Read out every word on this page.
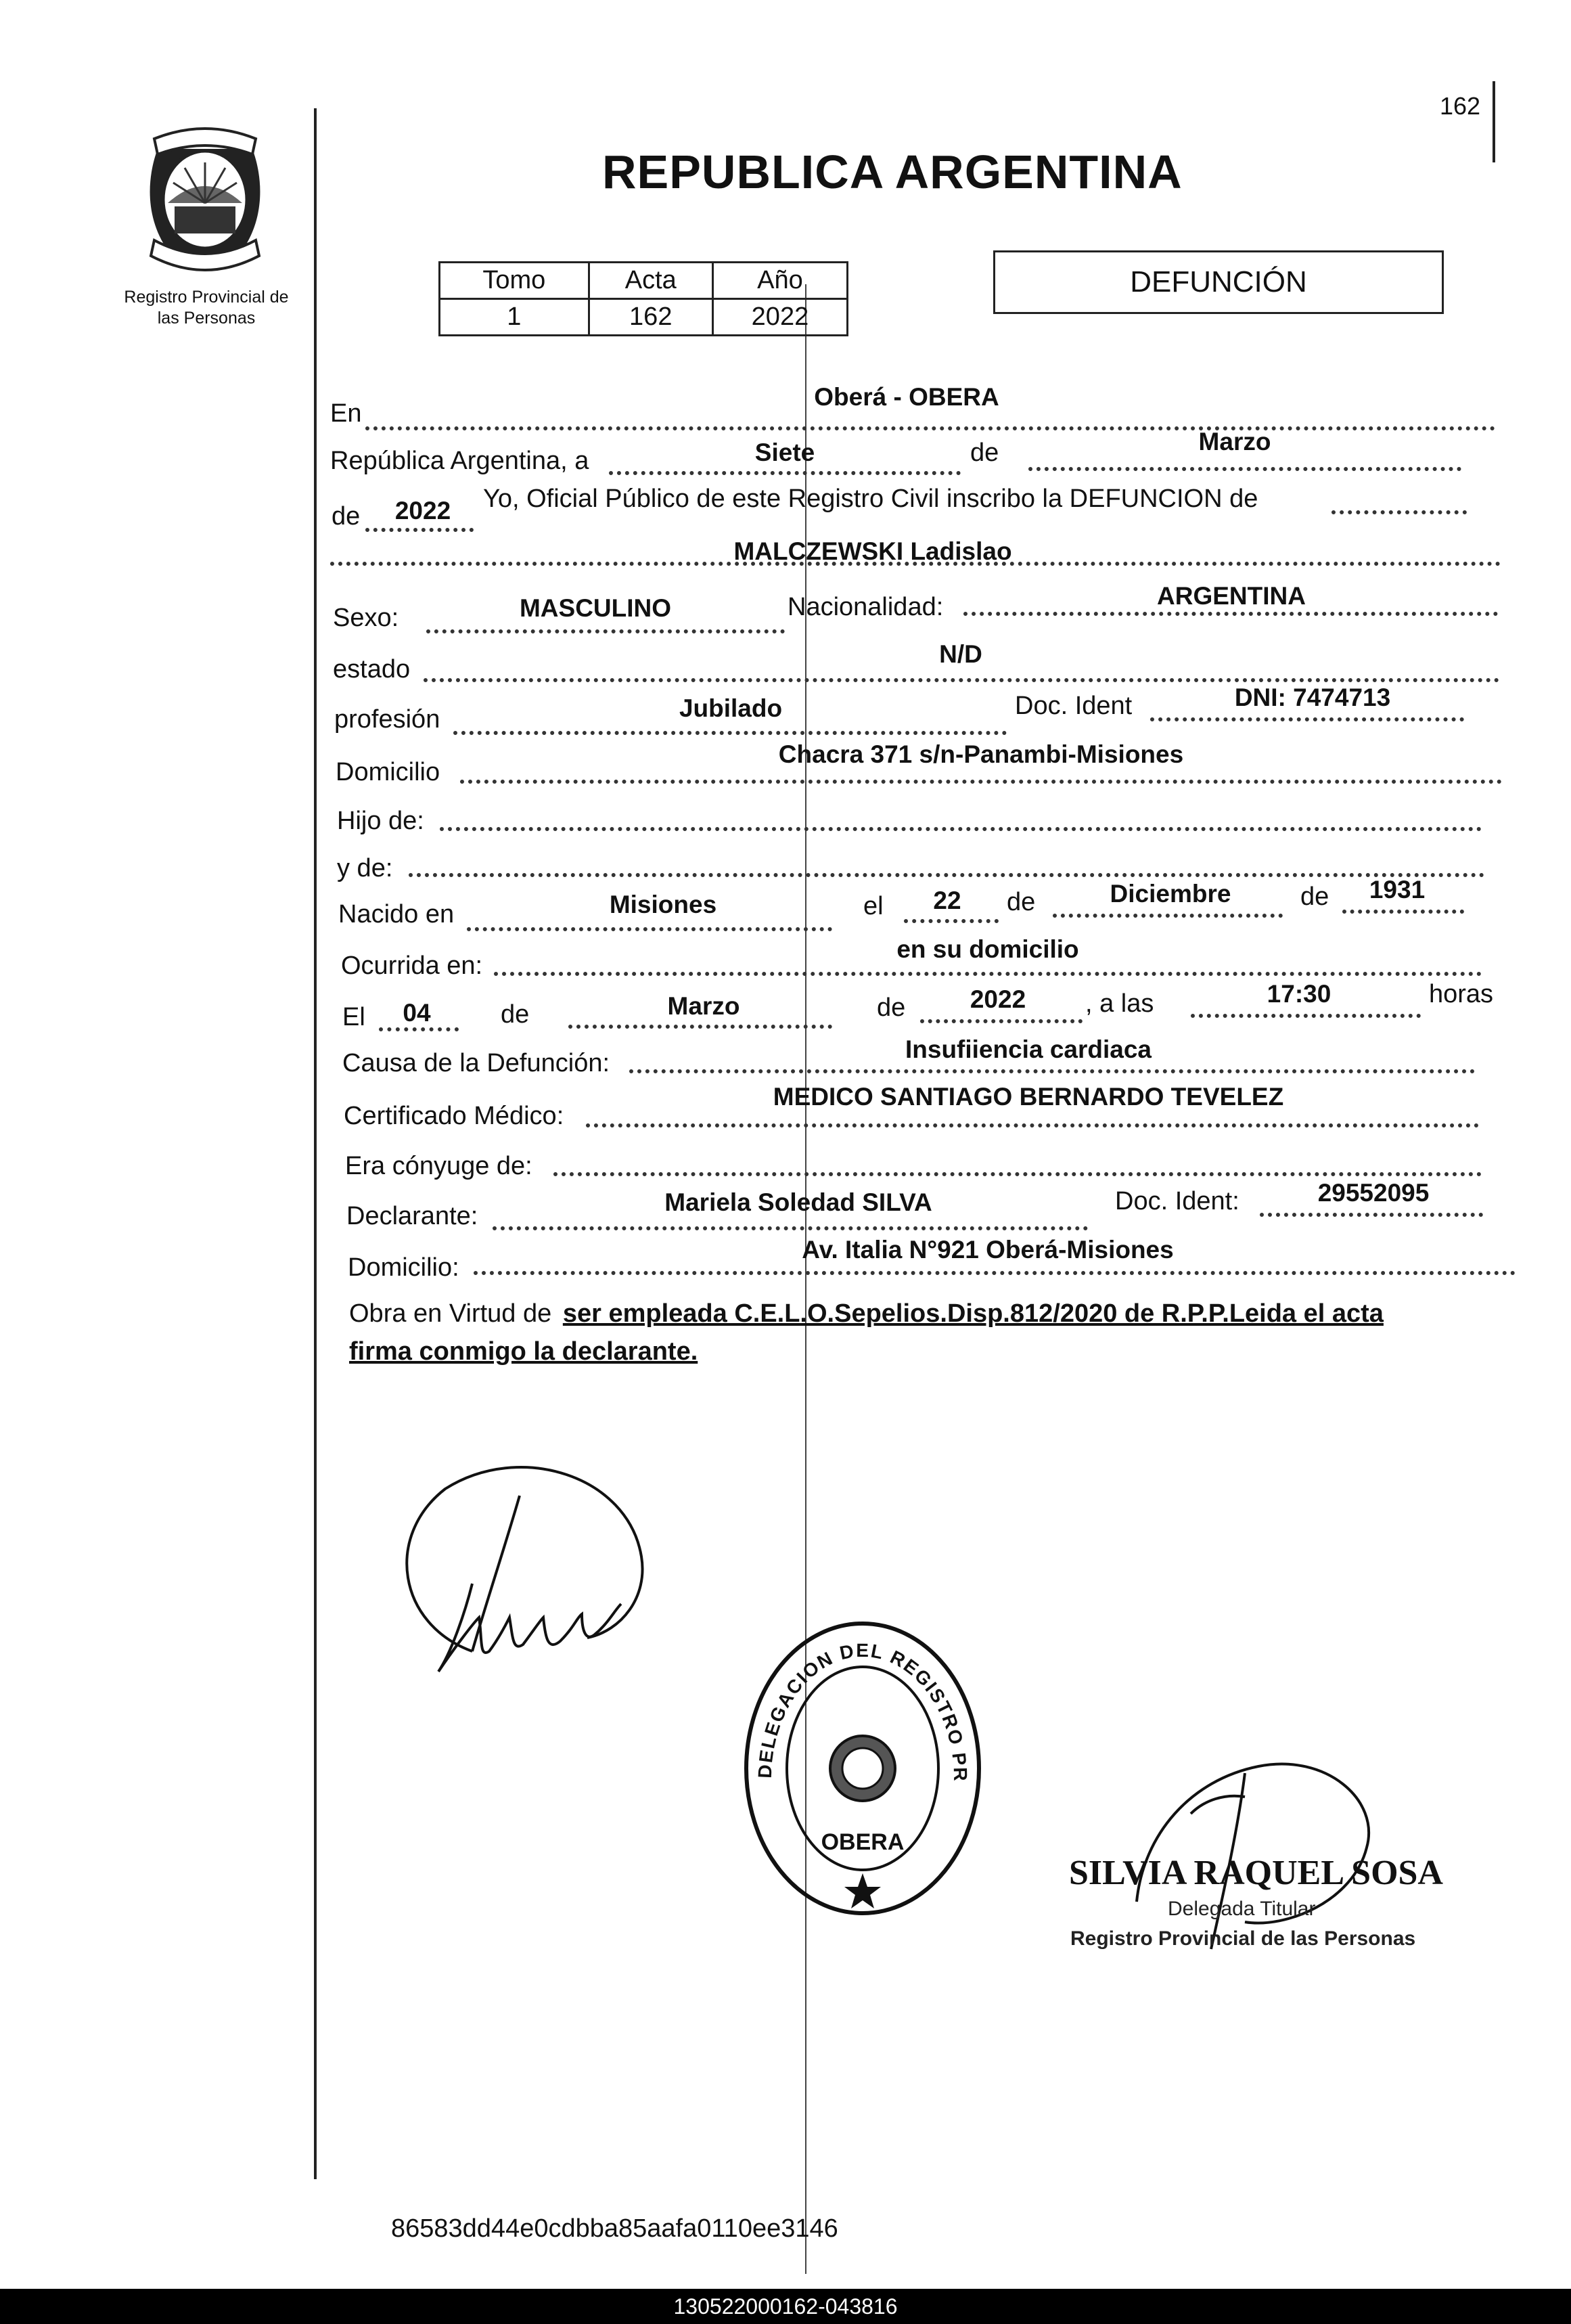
162
Registro Provincial de
las Personas
REPUBLICA ARGENTINA
Tomo	Acta	Año
1	162	2022
DEFUNCIÓN
En
Oberá - OBERA
República Argentina, a	Siete	de	Marzo
de	2022	Yo, Oficial Público de este Registro Civil inscribo la DEFUNCION de
MALCZEWSKI Ladislao
Sexo:	MASCULINO	Nacionalidad:	ARGENTINA
estado
N/D
profesión	Jubilado	Doc. Ident	DNI: 7474713
Domicilio
Chacra 371 s/n-Panambi-Misiones
Hijo de:
y de:
Nacido en	Misiones	el	22	de	Diciembre	de	1931
Ocurrida en:
en su domicilio
El	04	de	Marzo	de	2022	, a las	17:30	horas
Causa de la Defunción:	Insufiiencia cardiaca
Certificado Médico:
MEDICO SANTIAGO BERNARDO TEVELEZ
Era cónyuge de:
Declarante:	Mariela Soledad SILVA	Doc. Ident:	29552095
Domicilio:
Av. Italia N°921 Oberá-Misiones
Obra en Virtud de ser empleada C.E.L.O.Sepelios.Disp.812/2020 de R.P.P.Leida el acta
firma conmigo la declarante.
DELEGACION DEL REGISTRO PR
OBERA
SILVIA RAQUEL SOSA
Delegada Titular
Registro Provincial de las Personas
86583dd44e0cdbba85aafa0110ee3146
130522000162-043816
